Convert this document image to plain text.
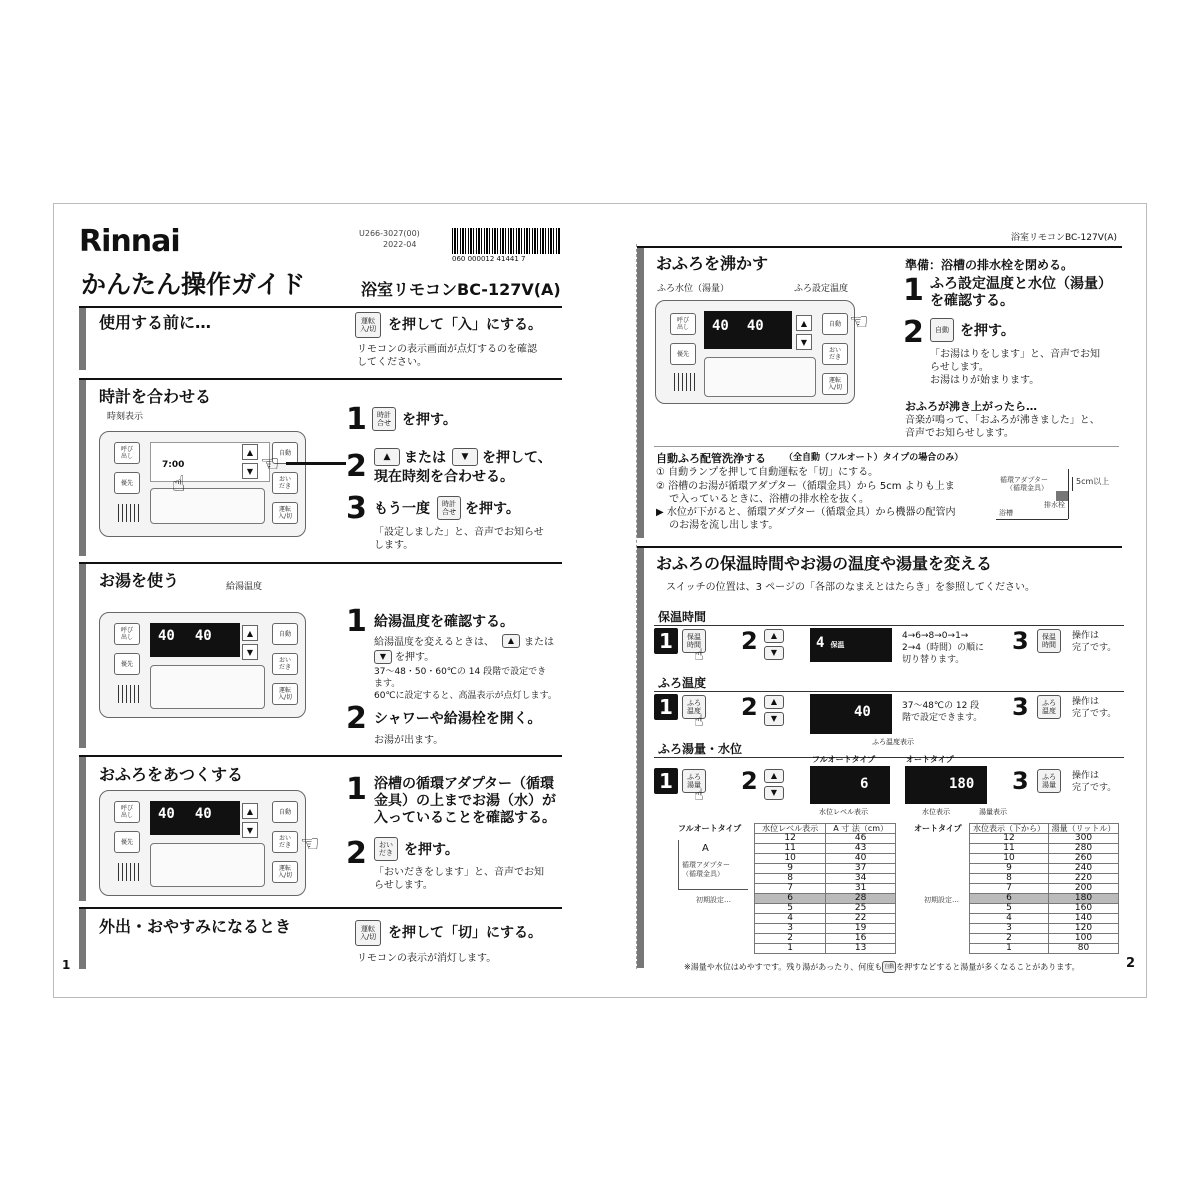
Rinnai	U266-3027(00)
2022-04
060 000012 41441 7
かんたん操作ガイド	浴室リモコンBC-127V(A)
使用する前に…	運転
入/切 を押して「入」にする。
リモコンの表示画面が点灯するのを確認
してください。
時計を合わせる
時刻表示
呼び
出し
優先
7:00
▲
▼
自動
おい
だき
運転
入/切
☝
☜
1	時計
合せ を押す。
2	▲ または	▼ を押して、
現在時刻を合わせる。
3 もう一度	時計
合せ を押す。
「設定しました」と、音声でお知らせ
します。
お湯を使う	給湯温度
呼び
出し
優先
40 40	▲
▼
自動
おい
だき
運転
入/切
1 給湯温度を確認する。
給湯温度を変えるときは、	▲ または
▼ を押す。
37～48・50・60℃の 14 段階で設定でき
ます。
60℃に設定すると、高温表示が点灯します。
2 シャワーや給湯栓を開く。
お湯が出ます。
おふろをあつくする
呼び
出し
優先
40 40	▲
▼
自動
おい
だき
運転
入/切
☜
1 浴槽の循環アダプター（循環
金具）の上までお湯（水）が
入っていることを確認する。
2	おい
だき を押す。
「おいだきをします」と、音声でお知
らせします。
外出・おやすみになるとき	運転
入/切 を押して「切」にする。
リモコンの表示が消灯します。
1
浴室リモコンBC-127V(A)
おふろを沸かす
ふろ水位（湯量）	ふろ設定温度
呼び
出し
優先
40 40	▲
▼
自動
おい
だき
運転
入/切
☜
準備：浴槽の排水栓を閉める。
1 ふろ設定温度と水位（湯量）
を確認する。
2	自動 を押す。
「お湯はりをします」と、音声でお知
らせします。
お湯はりが始まります。
おふろが沸き上がったら…
音楽が鳴って、「おふろが沸きました」と、
音声でお知らせします。
自動ふろ配管洗浄する （全自動（フルオート）タイプの場合のみ）
① 自動ランプを押して自動運転を「切」にする。
② 浴槽のお湯が循環アダプター（循環金具）から 5cm よりも上ま
　 で入っているときに、浴槽の排水栓を抜く。
▶ 水位が下がると、循環アダプター（循環金具）から機器の配管内
　 のお湯を流し出します。
循環アダプター
（循環金具）
5cm以上
排水栓
浴槽
おふろの保温時間やお湯の温度や湯量を変える
スイッチの位置は、3 ページの「各部のなまえとはたらき」を参照してください。
保温時間
1	保温
時間
☝ 2	▲
▼
4 保温
4→6→8→0→1→
2→4（時間）の順に
切り替ります。
3	保温
時間
操作は
完了です。
ふろ温度
1	ふろ
温度
☝ 2	▲
▼	40
ふろ温度表示
37～48℃の 12 段
階で設定できます。 3	ふろ
温度
操作は
完了です。
ふろ湯量・水位
フルオートタイプ	オートタイプ
1	ふろ
湯量
☝ 2	▲
▼
6	180
水位レベル表示	水位表示	湯量表示
3	ふろ
湯量
操作は
完了です。
フルオートタイプ
A
循環アダプター
（循環金具）
初期設定…
水位レベル表示	A 寸 法（cm）
12	46
11	43
10	40
9	37
8	34
7	31
6	28
5	25
4	22
3	19
2	16
1	13
オートタイプ
初期設定…
水位表示（下から）	湯量（リットル）
12	300
11	280
10	260
9	240
8	220
7	200
6	180
5	160
4	140
3	120
2	100
1	80
※湯量や水位はめやすです。残り湯があったり、何度も 自動 を押すなどすると湯量が多くなることがあります。	2
